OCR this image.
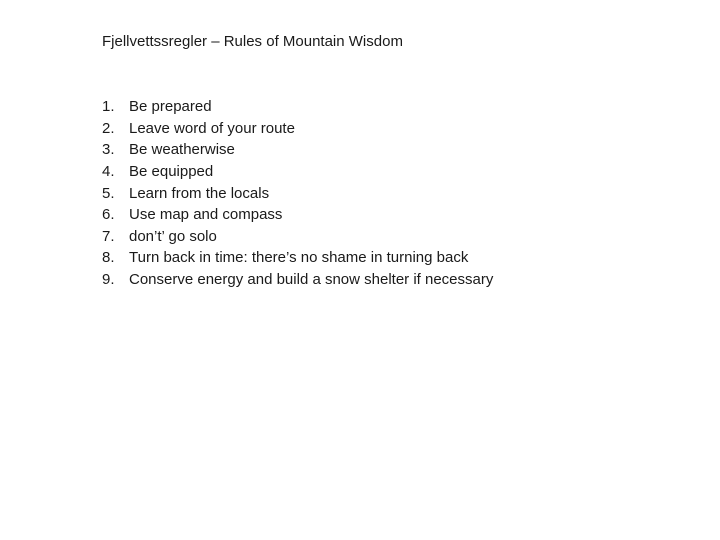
Fjellvettssregler – Rules of Mountain Wisdom
1. Be prepared
2. Leave word of your route
3. Be weatherwise
4. Be equipped
5. Learn from the locals
6. Use map and compass
7. don’t’ go solo
8. Turn back in time: there’s no shame in turning back
9. Conserve energy and build a snow shelter if necessary
